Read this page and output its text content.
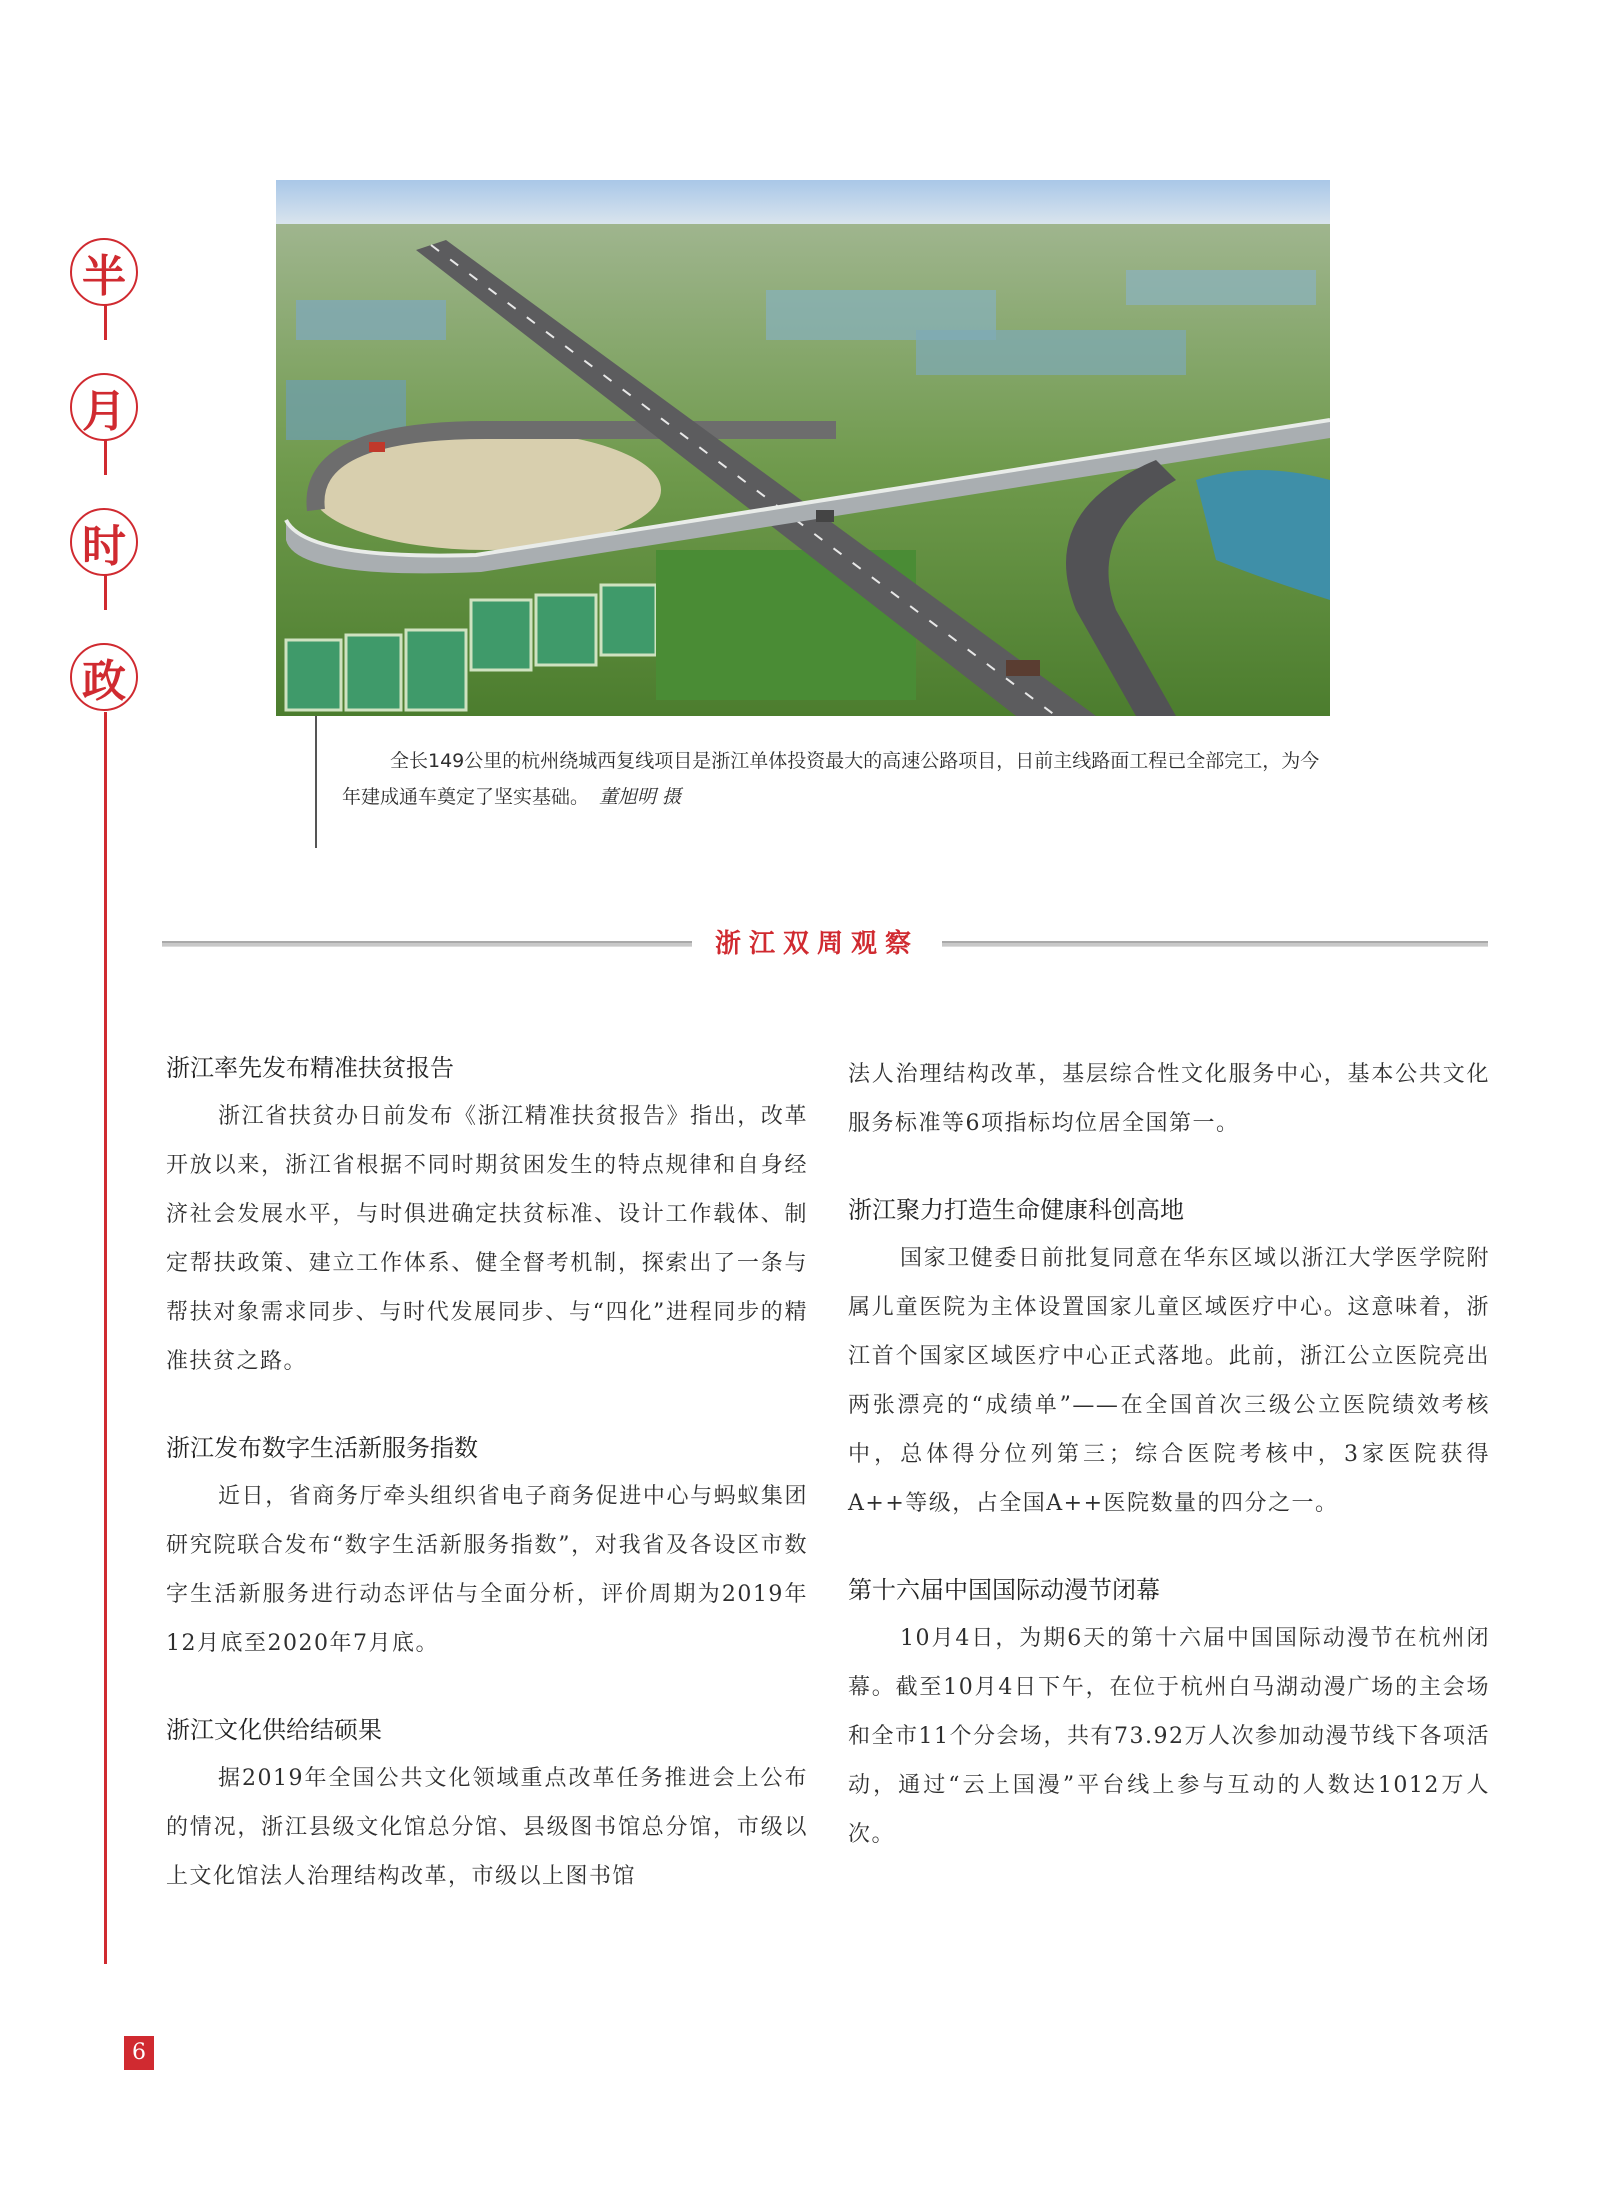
半
月
时
政
全长149公里的杭州绕城西复线项目是浙江单体投资最大的高速公路项目，日前主线路面工程已全部完工，为今年建成通车奠定了坚实基础。 董旭明 摄
浙江双周观察
浙江率先发布精准扶贫报告

浙江省扶贫办日前发布《浙江精准扶贫报告》指出，改革开放以来，浙江省根据不同时期贫困发生的特点规律和自身经济社会发展水平，与时俱进确定扶贫标准、设计工作载体、制定帮扶政策、建立工作体系、健全督考机制，探索出了一条与帮扶对象需求同步、与时代发展同步、与“四化”进程同步的精准扶贫之路。

浙江发布数字生活新服务指数

近日，省商务厅牵头组织省电子商务促进中心与蚂蚁集团研究院联合发布“数字生活新服务指数”，对我省及各设区市数字生活新服务进行动态评估与全面分析，评价周期为2019年12月底至2020年7月底。

浙江文化供给结硕果

据2019年全国公共文化领域重点改革任务推进会上公布的情况，浙江县级文化馆总分馆、县级图书馆总分馆，市级以上文化馆法人治理结构改革，市级以上图书馆

法人治理结构改革，基层综合性文化服务中心，基本公共文化服务标准等6项指标均位居全国第一。

浙江聚力打造生命健康科创高地

国家卫健委日前批复同意在华东区域以浙江大学医学院附属儿童医院为主体设置国家儿童区域医疗中心。这意味着，浙江首个国家区域医疗中心正式落地。此前，浙江公立医院亮出两张漂亮的“成绩单”——在全国首次三级公立医院绩效考核中，总体得分位列第三；综合医院考核中，3家医院获得A++等级，占全国A++医院数量的四分之一。

第十六届中国国际动漫节闭幕

10月4日，为期6天的第十六届中国国际动漫节在杭州闭幕。截至10月4日下午，在位于杭州白马湖动漫广场的主会场和全市11个分会场，共有73.92万人次参加动漫节线下各项活动，通过“云上国漫”平台线上参与互动的人数达1012万人次。

6
